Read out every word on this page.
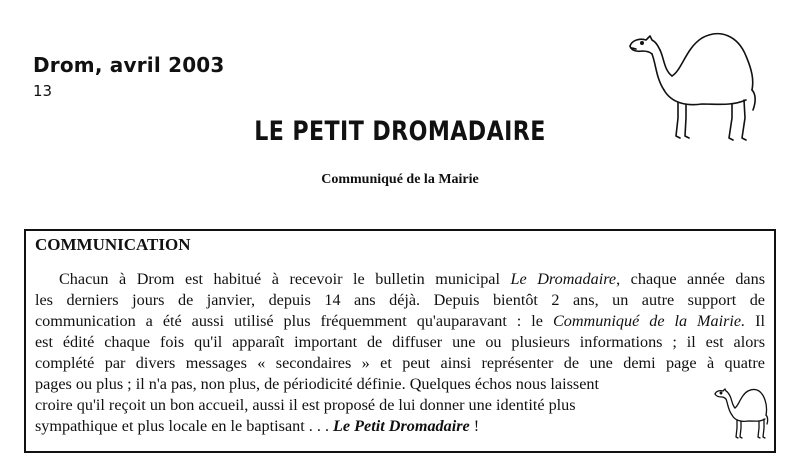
Drom, avril 2003
13
LE PETIT DROMADAIRE
Communiqué de la Mairie
COMMUNICATION
Chacun à Drom est habitué à recevoir le bulletin municipal Le Dromadaire, chaque année dans
les derniers jours de janvier, depuis 14 ans déjà. Depuis bientôt 2 ans, un autre support de
communication a été aussi utilisé plus fréquemment qu'auparavant : le Communiqué de la Mairie. Il
est édité chaque fois qu'il apparaît important de diffuser une ou plusieurs informations ; il est alors
complété par divers messages « secondaires » et peut ainsi représenter de une demi page à quatre
pages ou plus ; il n'a pas, non plus, de périodicité définie. Quelques échos nous laissent
croire qu'il reçoit un bon accueil, aussi il est proposé de lui donner une identité plus
sympathique et plus locale en le baptisant . . . Le Petit Dromadaire !
